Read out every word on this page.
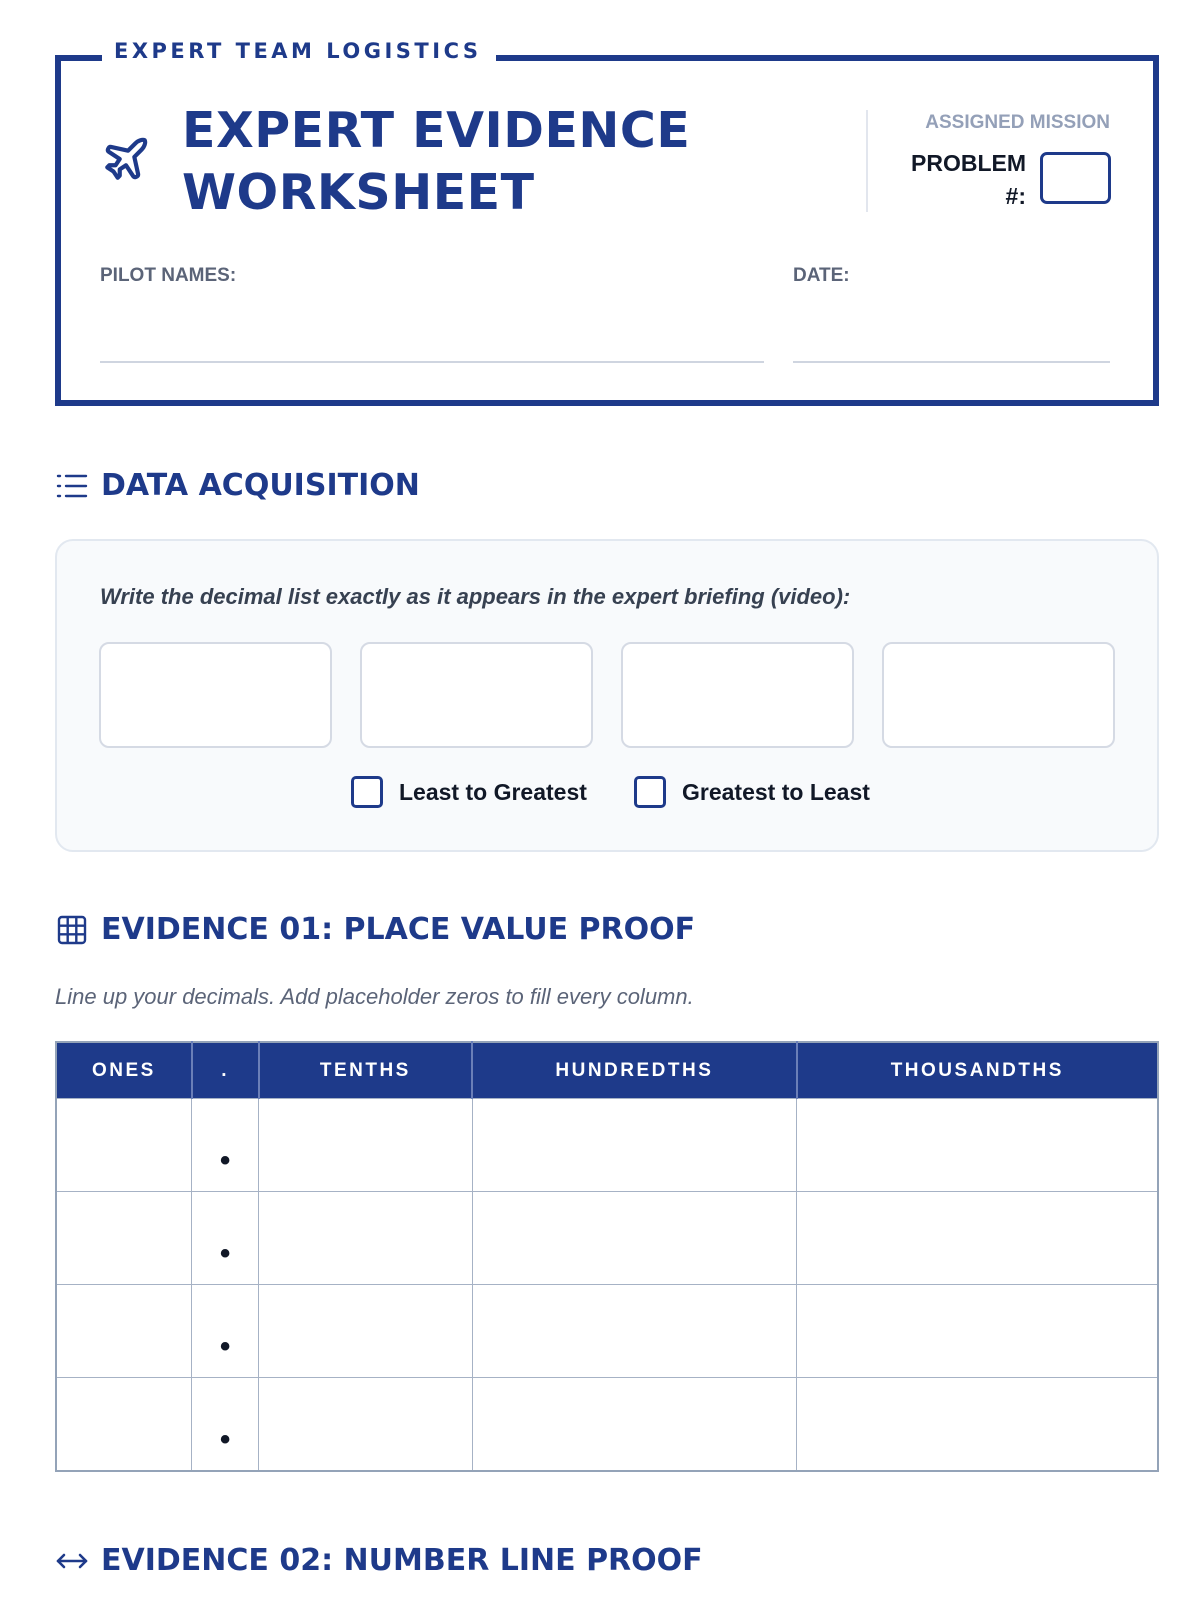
EXPERT TEAM LOGISTICS
EXPERT EVIDENCE
WORKSHEET
ASSIGNED MISSION
PROBLEM
#:
PILOT NAMES:	DATE:
DATA ACQUISITION
Write the decimal list exactly as it appears in the expert briefing (video):
Least to Greatest	Greatest to Least
EVIDENCE 01: PLACE VALUE PROOF
Line up your decimals. Add placeholder zeros to fill every column.
ONES	.	TENTHS	HUNDREDTHS	THOUSANDTHS
	•			
	•			
	•			
	•			
EVIDENCE 02: NUMBER LINE PROOF
